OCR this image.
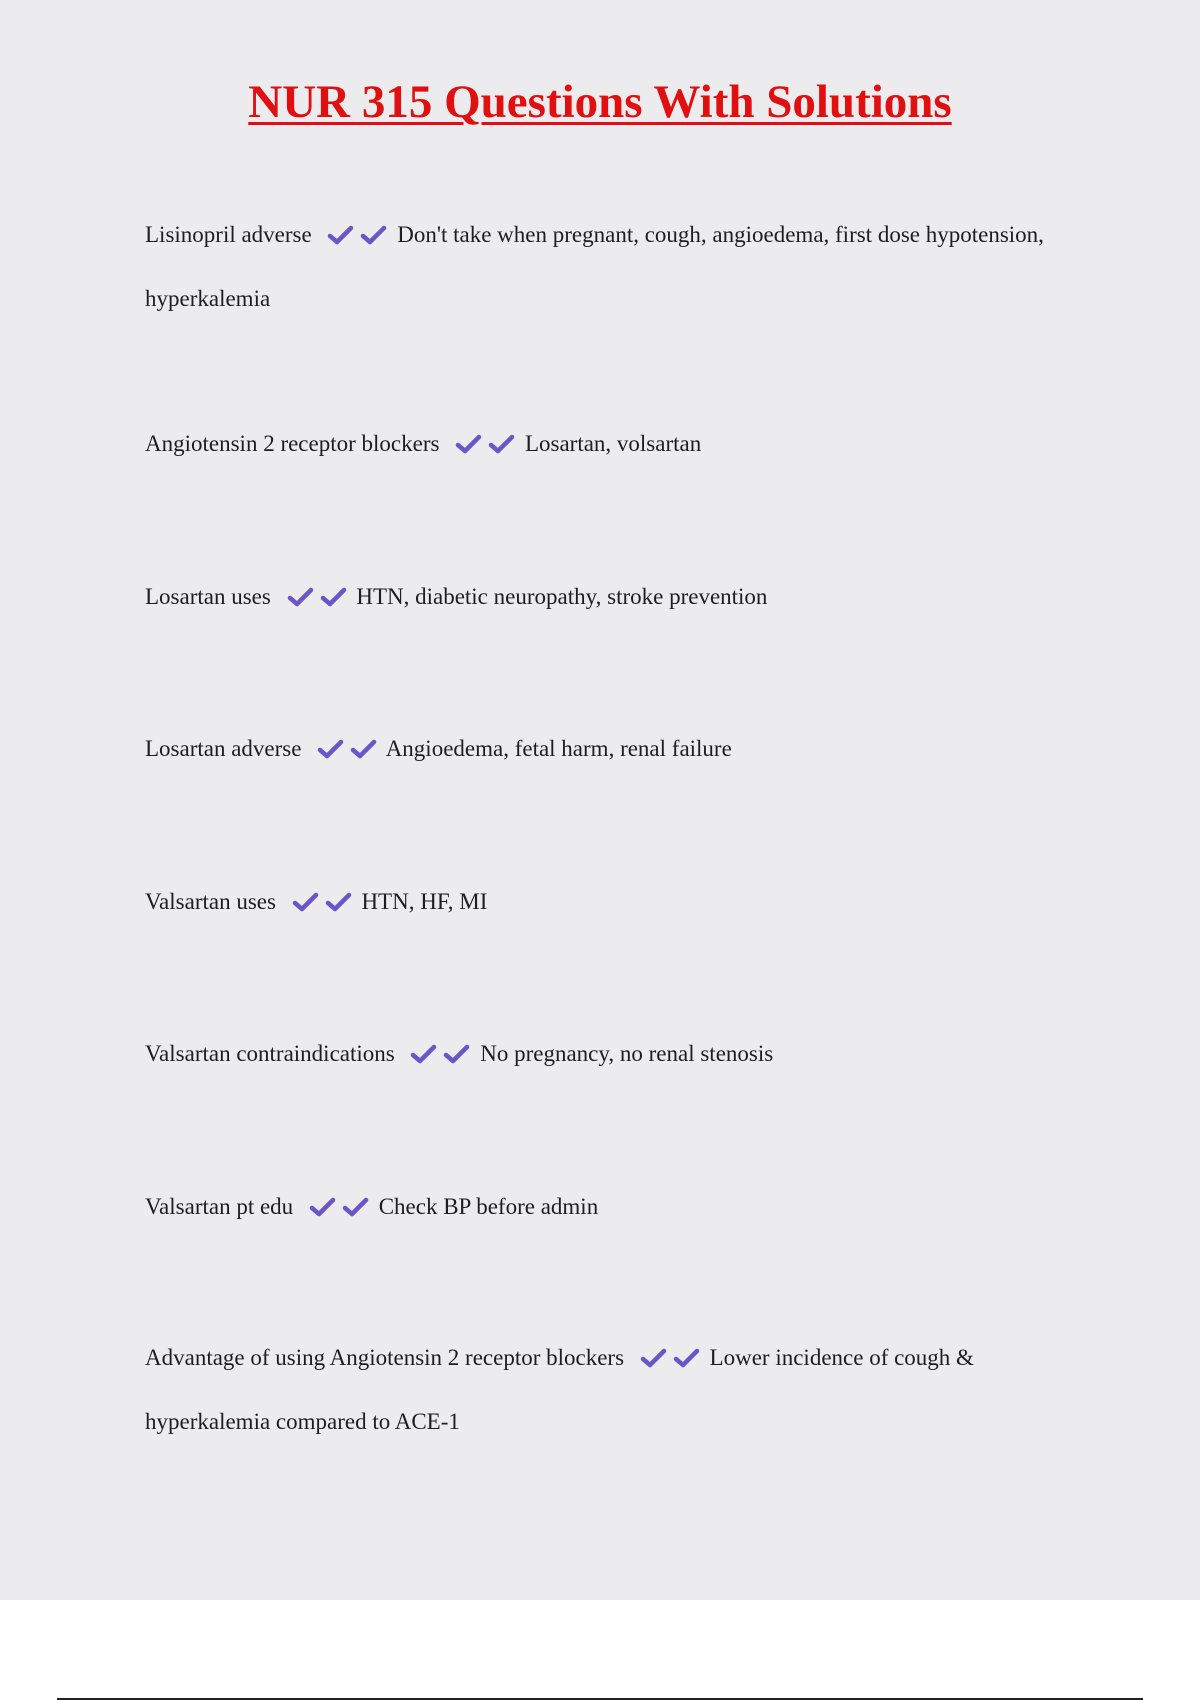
NUR 315 Questions With Solutions
Lisinopril adverse	Don't take when pregnant, cough, angioedema, first dose hypotension, hyperkalemia
Angiotensin 2 receptor blockers	Losartan, volsartan
Losartan uses	HTN, diabetic neuropathy, stroke prevention
Losartan adverse	Angioedema, fetal harm, renal failure
Valsartan uses	HTN, HF, MI
Valsartan contraindications	No pregnancy, no renal stenosis
Valsartan pt edu	Check BP before admin
Advantage of using Angiotensin 2 receptor blockers	Lower incidence of cough & hyperkalemia compared to ACE-1
